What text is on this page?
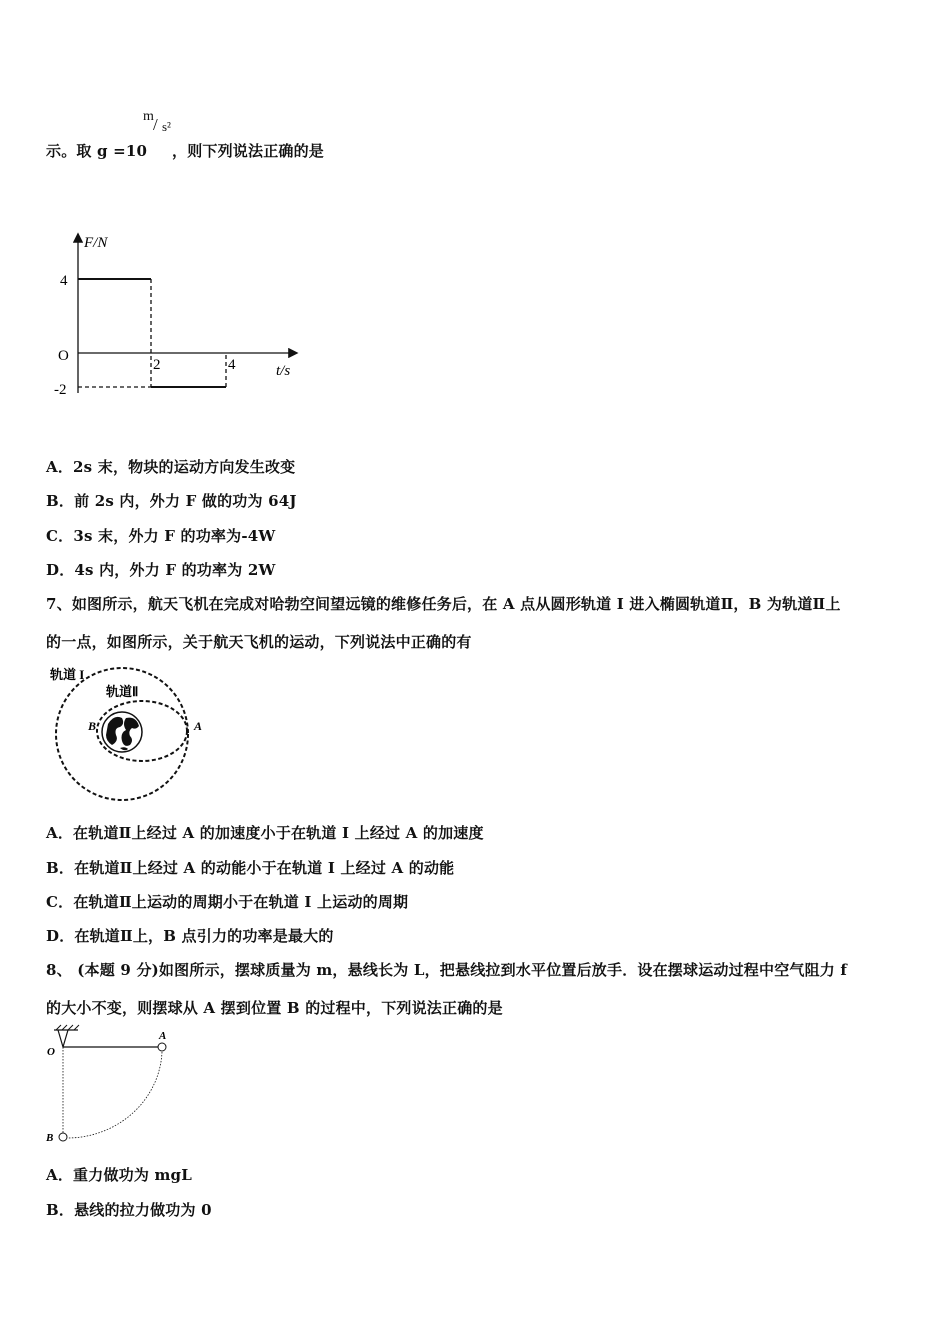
示。取 g =10
m / s²
，则下列说法正确的是
F/N
t/s
O
4
-2
2	4
A．2s 末，物块的运动方向发生改变
B．前 2s 内，外力 F 做的功为 64J
C．3s 末，外力 F 的功率为-4W
D．4s 内，外力 F 的功率为 2W
7、如图所示，航天飞机在完成对哈勃空间望远镜的维修任务后，在 A 点从圆形轨道 I 进入椭圆轨道Ⅱ，B 为轨道Ⅱ上
的一点，如图所示，关于航天飞机的运动，下列说法中正确的有
轨道 I
轨道Ⅱ
A
B
A．在轨道Ⅱ上经过 A 的加速度小于在轨道 I 上经过 A 的加速度
B．在轨道Ⅱ上经过 A 的动能小于在轨道 I 上经过 A 的动能
C．在轨道Ⅱ上运动的周期小于在轨道 I 上运动的周期
D．在轨道Ⅱ上，B 点引力的功率是最大的
8、 (本题 9 分)如图所示，摆球质量为 m，悬线长为 L，把悬线拉到水平位置后放手．设在摆球运动过程中空气阻力 f
的大小不变，则摆球从 A 摆到位置 B 的过程中，下列说法正确的是
O
A
B
A．重力做功为 mgL
B．悬线的拉力做功为 0
